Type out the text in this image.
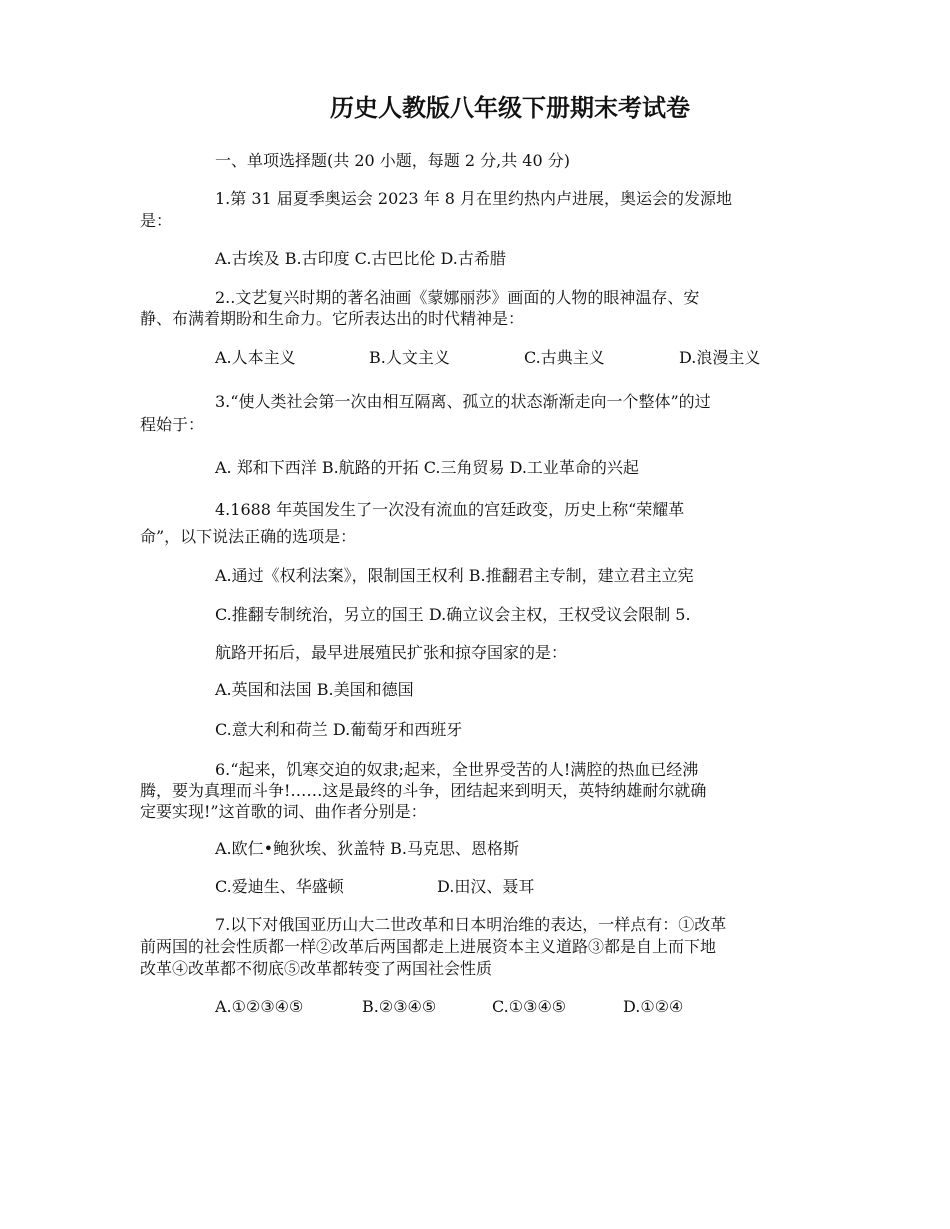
历史人教版八年级下册期末考试卷
一、单项选择题(共 20 小题，每题 2 分,共 40 分)
1.第 31 届夏季奥运会 2023 年 8 月在里约热内卢进展，奥运会的发源地
是：
A.古埃及 B.古印度 C.古巴比伦 D.古希腊
2..文艺复兴时期的著名油画《蒙娜丽莎》画面的人物的眼神温存、安
静、布满着期盼和生命力。它所表达出的时代精神是：
A.人本主义	B.人文主义	C.古典主义	D.浪漫主义
3.“使人类社会第一次由相互隔离、孤立的状态渐渐走向一个整体”的过
程始于：
A. 郑和下西洋 B.航路的开拓 C.三角贸易 D.工业革命的兴起
4.1688 年英国发生了一次没有流血的宫廷政变，历史上称“荣耀革
命”，以下说法正确的选项是：
A.通过《权利法案》，限制国王权利 B.推翻君主专制，建立君主立宪
C.推翻专制统治，另立的国王 D.确立议会主权，王权受议会限制 5.
航路开拓后，最早进展殖民扩张和掠夺国家的是：
A.英国和法国 B.美国和德国
C.意大利和荷兰 D.葡萄牙和西班牙
6.“起来，饥寒交迫的奴隶;起来，全世界受苦的人!满腔的热血已经沸
腾，要为真理而斗争!……这是最终的斗争，团结起来到明天，英特纳雄耐尔就确
定要实现!”这首歌的词、曲作者分别是：
A.欧仁•鲍狄埃、狄盖特 B.马克思、恩格斯
C.爱迪生、华盛顿	D.田汉、聂耳
7.以下对俄国亚历山大二世改革和日本明治维的表达，一样点有：①改革
前两国的社会性质都一样②改革后两国都走上进展资本主义道路③都是自上而下地
改革④改革都不彻底⑤改革都转变了两国社会性质
A.①②③④⑤	B.②③④⑤	C.①③④⑤	D.①②④
